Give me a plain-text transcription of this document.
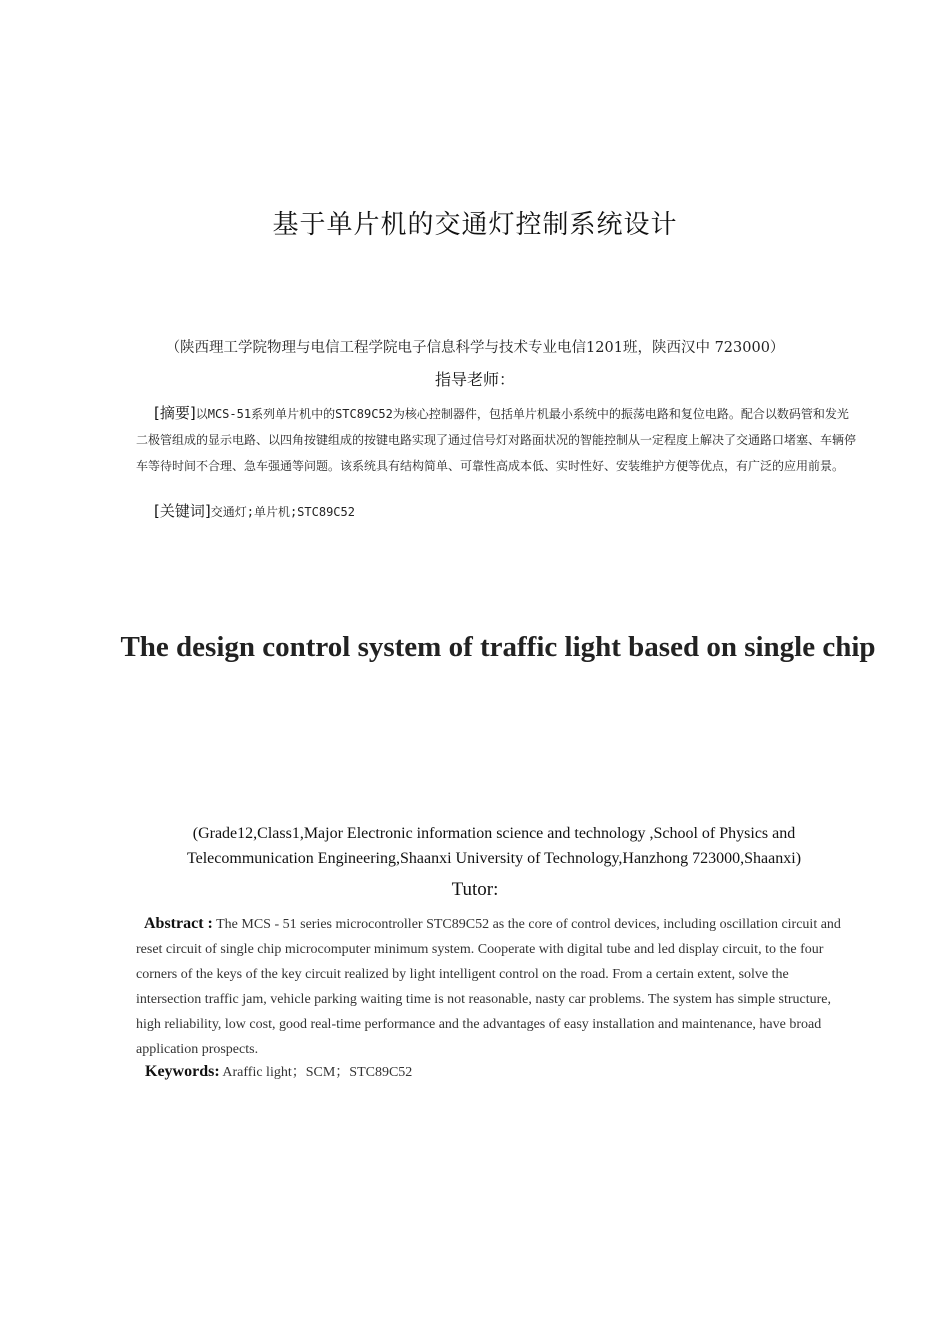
基于单片机的交通灯控制系统设计
（陕西理工学院物理与电信工程学院电子信息科学与技术专业电信1201班，陕西汉中 723000）
指导老师：
[摘要]以MCS-51系列单片机中的STC89C52为核心控制器件，包括单片机最小系统中的振荡电路和复位电路。配合以数码管和发光二极管组成的显示电路、以四角按键组成的按键电路实现了通过信号灯对路面状况的智能控制从一定程度上解决了交通路口堵塞、车辆停车等待时间不合理、急车强通等问题。该系统具有结构简单、可靠性高成本低、实时性好、安装维护方便等优点，有广泛的应用前景。
[关键词]交通灯;单片机;STC89C52
The design control system of traffic light based on single chip
(Grade12,Class1,Major Electronic information science and technology ,School of Physics and Telecommunication Engineering,Shaanxi University of Technology,Hanzhong 723000,Shaanxi)
Tutor:
Abstract : The MCS - 51 series microcontroller STC89C52 as the core of control devices, including oscillation circuit and reset circuit of single chip microcomputer minimum system. Cooperate with digital tube and led display circuit, to the four corners of the keys of the key circuit realized by light intelligent control on the road. From a certain extent, solve the intersection traffic jam, vehicle parking waiting time is not reasonable, nasty car problems. The system has simple structure, high reliability, low cost, good real-time performance and the advantages of easy installation and maintenance, have broad application prospects.
Keywords: Araffic light；SCM；STC89C52
